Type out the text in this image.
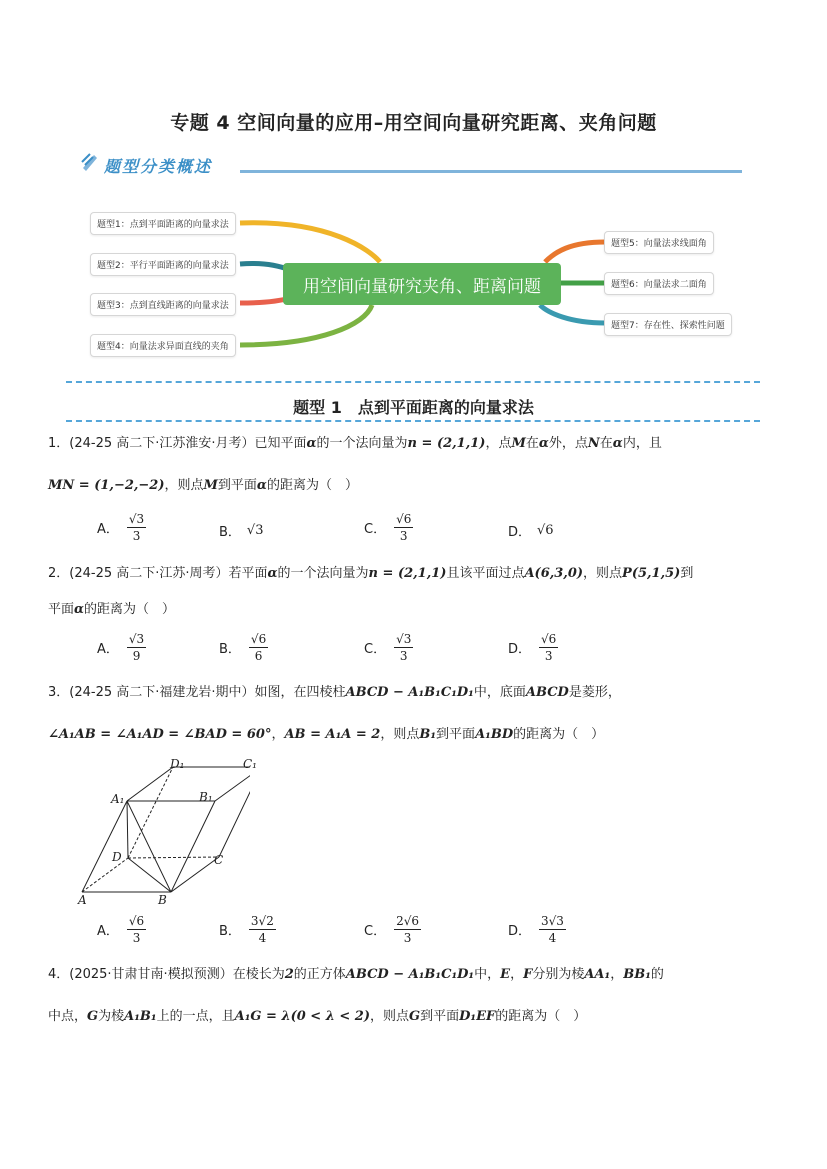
专题 4 空间向量的应用–用空间向量研究距离、夹角问题
题型分类概述
题型1：点到平面距离的向量求法
题型2：平行平面距离的向量求法
题型3：点到直线距离的向量求法
题型4：向量法求异面直线的夹角
用空间向量研究夹角、距离问题
题型5：向量法求线面角
题型6：向量法求二面角
题型7：存在性、探索性问题
题型 1　点到平面距离的向量求法
1．(24-25 高二下·江苏淮安·月考）已知平面α的一个法向量为n = (2,1,1)，点M在α外，点N在α内，且
MN = (1,−2,−2)，则点M到平面α的距离为（　）
A． $\frac{√3}{3}$	B． √3	C． $\frac{√6}{3}$	D． √6
2．(24-25 高二下·江苏·周考）若平面α的一个法向量为n = (2,1,1)且该平面过点A(6,3,0)，则点P(5,1,5)到
平面α的距离为（　）
A． $\frac{√3}{9}$	B． $\frac{√6}{6}$	C． $\frac{√3}{3}$	D． $\frac{√6}{3}$
3．(24-25 高二下·福建龙岩·期中）如图，在四棱柱ABCD − A₁B₁C₁D₁中，底面ABCD是菱形，
∠A₁AB = ∠A₁AD = ∠BAD = 60°，AB = A₁A = 2，则点B₁到平面A₁BD的距离为（　）
D₁	C₁
A₁	B₁
D	C
A	B
A． $\frac{√6}{3}$	B． $\frac{3√2}{4}$	C． $\frac{2√6}{3}$	D． $\frac{3√3}{4}$
4．(2025·甘肃甘南·模拟预测）在棱长为2的正方体ABCD − A₁B₁C₁D₁中，E，F分别为棱AA₁，BB₁的
中点，G为棱A₁B₁上的一点，且A₁G = λ(0 < λ < 2)，则点G到平面D₁EF的距离为（　）
